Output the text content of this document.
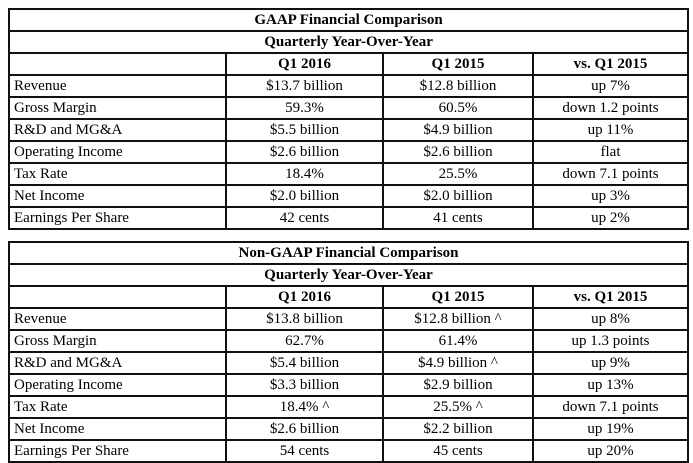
GAAP Financial Comparison			
Quarterly Year-Over-Year			
	Q1 2016	Q1 2015	vs. Q1 2015
Revenue	$13.7 billion	$12.8 billion	up 7%
Gross Margin	59.3%	60.5%	down 1.2 points
R&D and MG&A	$5.5 billion	$4.9 billion	up 11%
Operating Income	$2.6 billion	$2.6 billion	flat
Tax Rate	18.4%	25.5%	down 7.1 points
Net Income	$2.0 billion	$2.0 billion	up 3%
Earnings Per Share	42 cents	41 cents	up 2%
Non-GAAP Financial Comparison			
Quarterly Year-Over-Year			
	Q1 2016	Q1 2015	vs. Q1 2015
Revenue	$13.8 billion	$12.8 billion ^	up 8%
Gross Margin	62.7%	61.4%	up 1.3 points
R&D and MG&A	$5.4 billion	$4.9 billion ^	up 9%
Operating Income	$3.3 billion	$2.9 billion	up 13%
Tax Rate	18.4% ^	25.5% ^	down 7.1 points
Net Income	$2.6 billion	$2.2 billion	up 19%
Earnings Per Share	54 cents	45 cents	up 20%
